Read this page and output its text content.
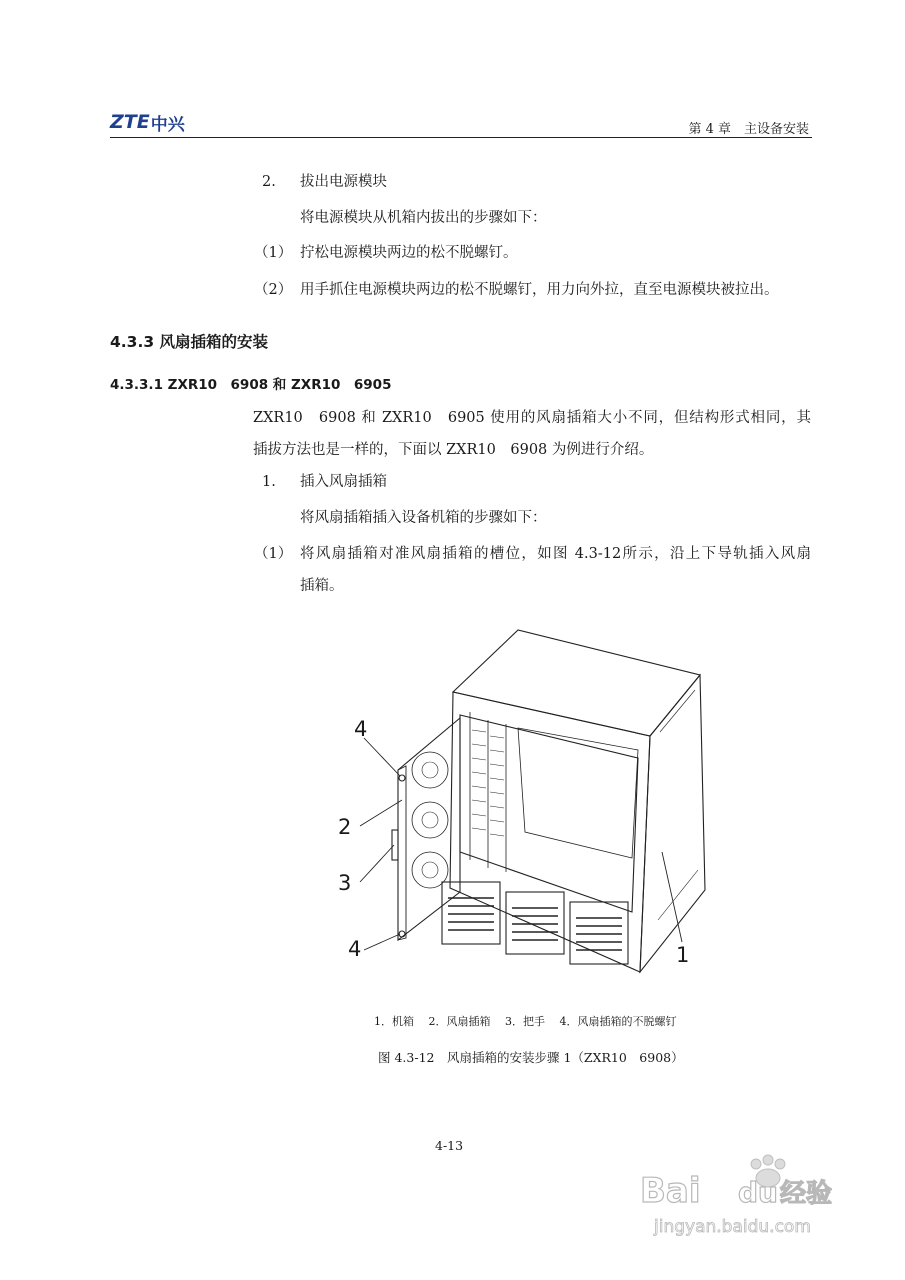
ZTE 中兴	第 4 章　主设备安装
2. 拔出电源模块
将电源模块从机箱内拔出的步骤如下：
（1） 拧松电源模块两边的松不脱螺钉。
（2） 用手抓住电源模块两边的松不脱螺钉，用力向外拉，直至电源模块被拉出。
4.3.3 风扇插箱的安装
4.3.3.1 ZXR10　6908 和 ZXR10　6905
ZXR10　6908 和 ZXR10　6905 使用的风扇插箱大小不同，但结构形式相同，其
插拔方法也是一样的，下面以 ZXR10　6908 为例进行介绍。
1. 插入风扇插箱
将风扇插箱插入设备机箱的步骤如下：
（1） 将风扇插箱对准风扇插箱的槽位，如图 4.3-12所示，沿上下导轨插入风扇
插箱。
4
2
3
4	1
1．机箱　 2．风扇插箱　 3．把手　 4．风扇插箱的不脱螺钉
图 4.3-12　风扇插箱的安装步骤 1（ZXR10　6908）
4-13
Bai du 经验
jingyan.baidu.com
